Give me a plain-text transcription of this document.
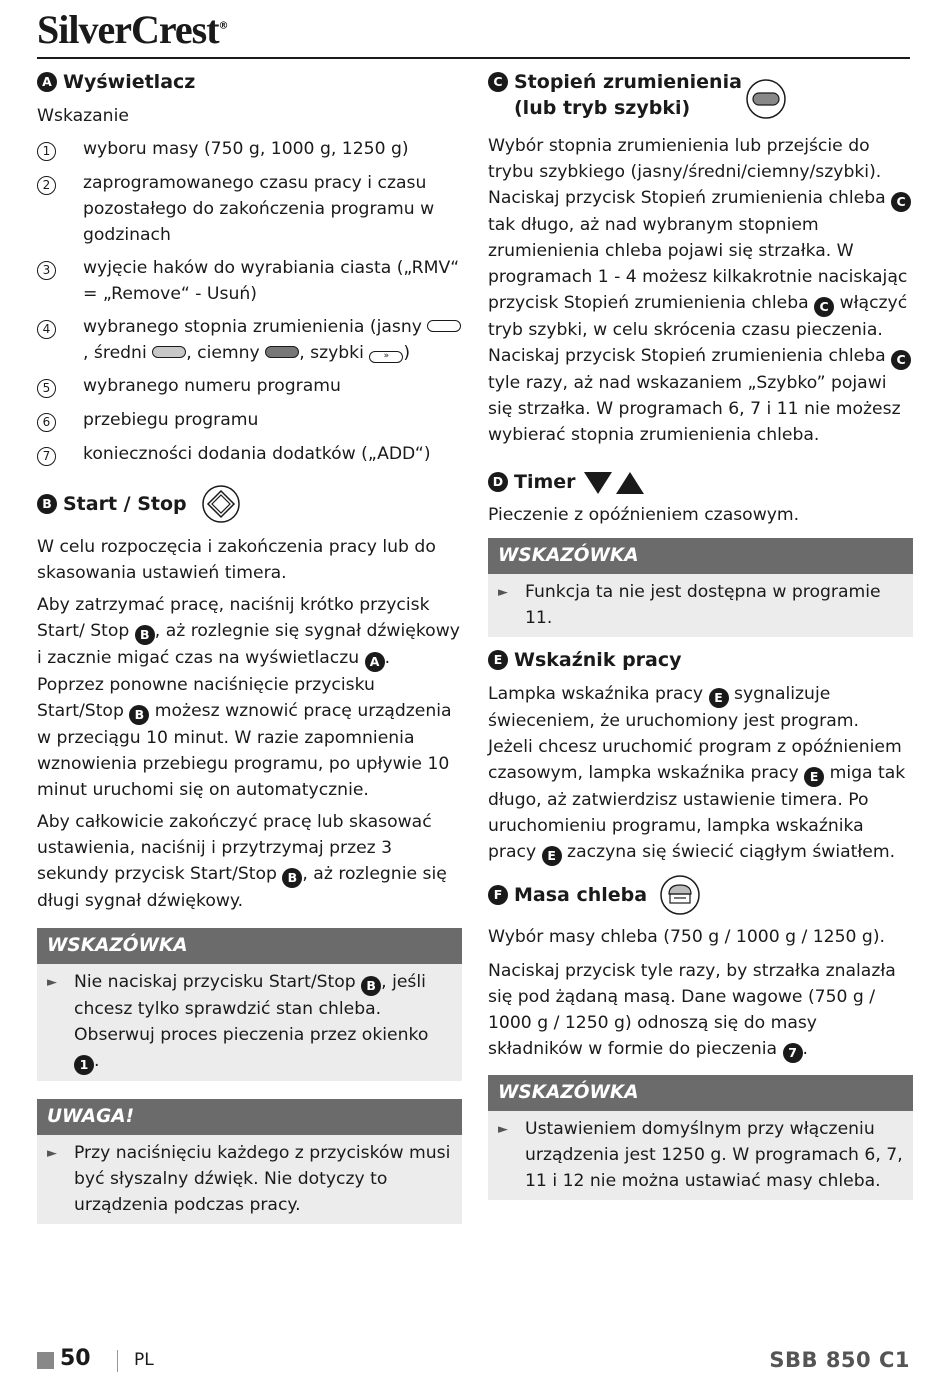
SilverCrest®
A Wyświetlacz

Wskazanie

1	wyboru masy (750 g, 1000 g, 1250 g)
2	zaprogramowanego czasu pracy i czasu pozostałego do zakończenia programu w godzinach
3	wyjęcie haków do wyrabiania ciasta („RMV“ = „Remove“ - Usuń)
4	wybranego stopnia zrumienienia (jasny , średni , ciemny , szybki » )
5	wybranego numeru programu
6	przebiegu programu
7	konieczności dodania dodatków („ADD“)
B Start / Stop

W celu rozpoczęcia i zakończenia pracy lub do skasowania ustawień timera.

Aby zatrzymać pracę, naciśnij krótko przycisk Start/ Stop B , aż rozlegnie się sygnał dźwiękowy i zacznie migać czas na wyświetlaczu A . Poprzez ponowne naciśnięcie przycisku Start/Stop B możesz wznowić pracę urządzenia w przeciągu 10 minut. W razie zapomnienia wznowienia przebiegu programu, po upływie 10 minut uruchomi się on automatycznie.

Aby całkowicie zakończyć pracę lub skasować ustawienia, naciśnij i przytrzymaj przez 3 sekundy przycisk Start/Stop B , aż rozlegnie się długi sygnał dźwiękowy.

WSKAZÓWKA
► Nie naciskaj przycisku Start/Stop B , jeśli chcesz tylko sprawdzić stan chleba. Obserwuj proces pieczenia przez okienko 1 .
UWAGA!
► Przy naciśnięciu każdego z przycisków musi być słyszalny dźwięk. Nie dotyczy to urządzenia podczas pracy.
C Stopień zrumienienia
(lub tryb szybki)

Wybór stopnia zrumienienia lub przejście do trybu szybkiego (jasny/średni/ciemny/szybki). Naciskaj przycisk Stopień zrumienienia chleba C tak długo, aż nad wybranym stopniem zrumienienia chleba pojawi się strzałka. W programach 1 - 4 możesz kilkakrotnie naciskając przycisk Stopień zrumienienia chleba C włączyć tryb szybki, w celu skrócenia czasu pieczenia. Naciskaj przycisk Stopień zrumienienia chleba C tyle razy, aż nad wskazaniem „Szybko” pojawi się strzałka. W programach 6, 7 i 11 nie możesz wybierać stopnia zrumienienia chleba.

D Timer

Pieczenie z opóźnieniem czasowym.

WSKAZÓWKA
► Funkcja ta nie jest dostępna w programie 11.
E Wskaźnik pracy

Lampka wskaźnika pracy E sygnalizuje świeceniem, że uruchomiony jest program.

Jeżeli chcesz uruchomić program z opóźnieniem czasowym, lampka wskaźnika pracy E miga tak długo, aż zatwierdzisz ustawienie timera. Po uruchomieniu programu, lampka wskaźnika pracy E zaczyna się świecić ciągłym światłem.

F Masa chleba

Wybór masy chleba (750 g / 1000 g / 1250 g).

Naciskaj przycisk tyle razy, by strzałka znalazła się pod żądaną masą. Dane wagowe (750 g / 1000 g / 1250 g) odnoszą się do masy składników w formie do pieczenia 7 .

WSKAZÓWKA
► Ustawieniem domyślnym przy włączeniu urządzenia jest 1250 g. W programach 6, 7, 11 i 12 nie można ustawiać masy chleba.
50	PL	SBB 850 C1
